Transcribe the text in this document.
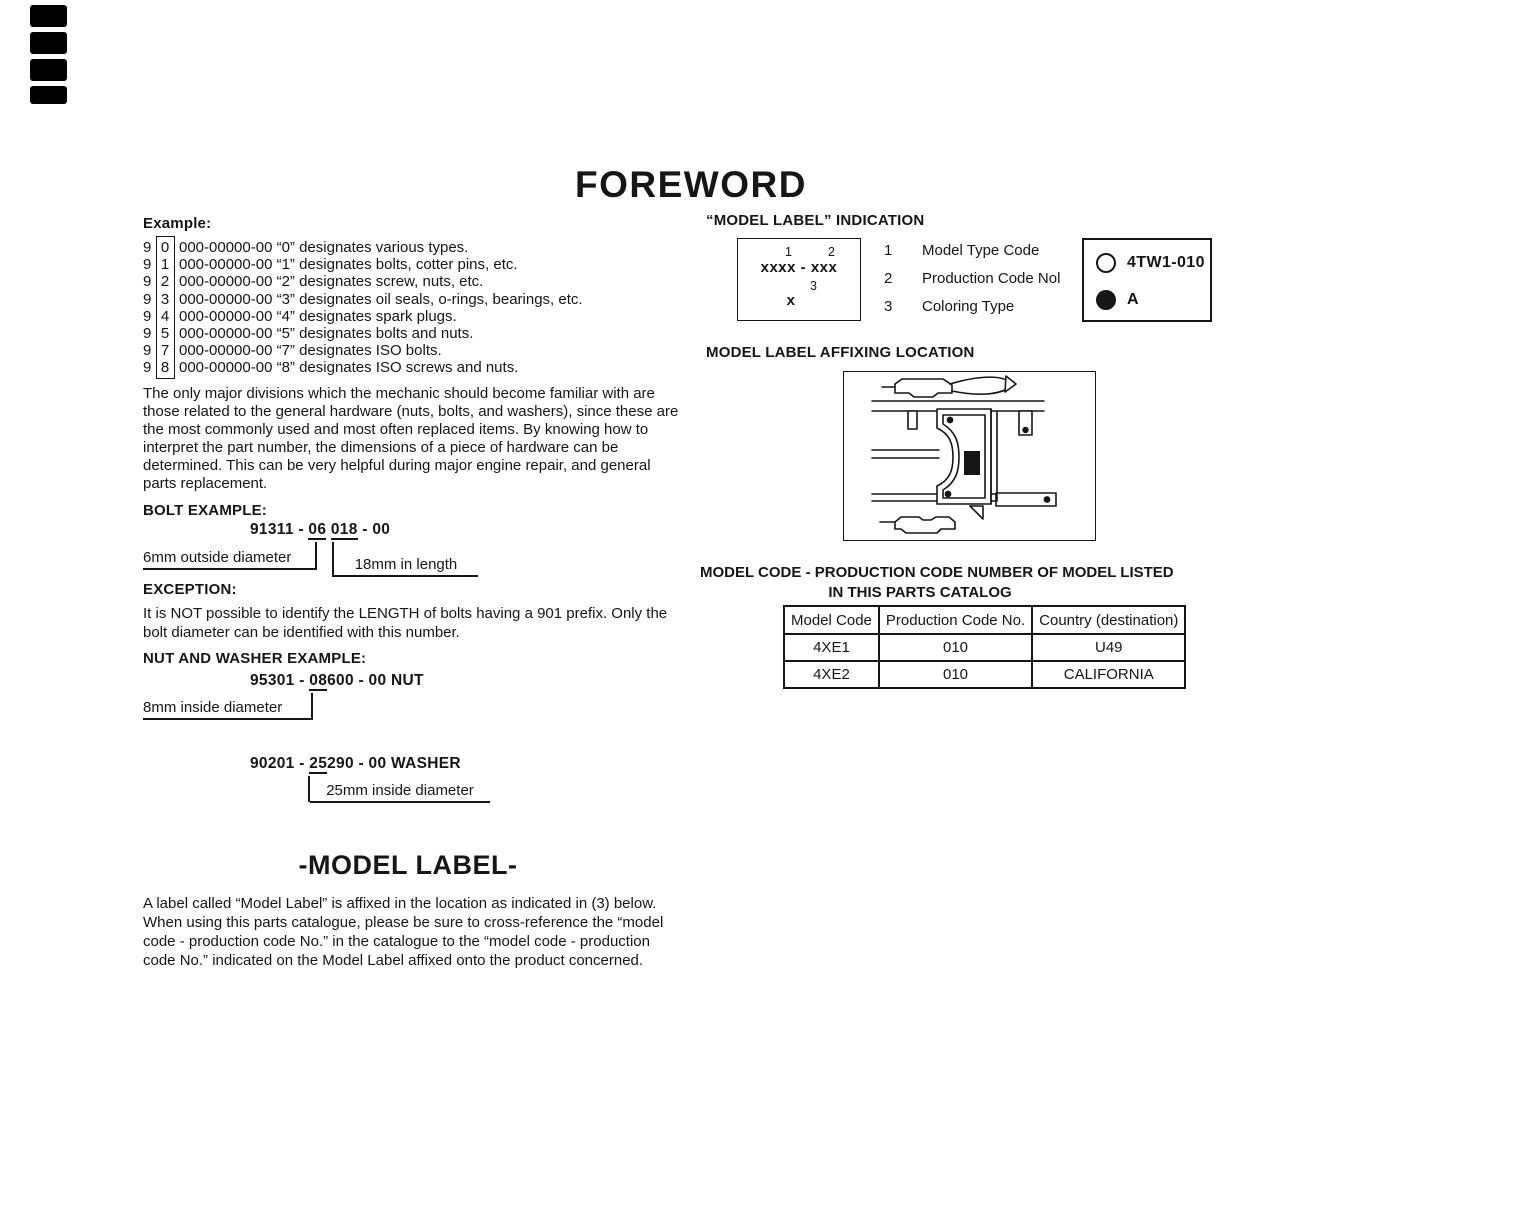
FOREWORD
Example:
9 0 000-00000-00 “0” designates various types.
9 1 000-00000-00 “1” designates bolts, cotter pins, etc.
9 2 000-00000-00 “2” designates screw, nuts, etc.
9 3 000-00000-00 “3” designates oil seals, o-rings, bearings, etc.
9 4 000-00000-00 “4” designates spark plugs.
9 5 000-00000-00 “5” designates bolts and nuts.
9 7 000-00000-00 “7” designates ISO bolts.
9 8 000-00000-00 “8” designates ISO screws and nuts.
The only major divisions which the mechanic should become familiar with are
those related to the general hardware (nuts, bolts, and washers), since these are
the most commonly used and most often replaced items. By knowing how to
interpret the part number, the dimensions of a piece of hardware can be
determined. This can be very helpful during major engine repair, and general
parts replacement.
BOLT EXAMPLE:
91311 - 06 018 - 00
6mm outside diameter	18mm in length
EXCEPTION:
It is NOT possible to identify the LENGTH of bolts having a 901 prefix. Only the
bolt diameter can be identified with this number.
NUT AND WASHER EXAMPLE:
95301 - 08600 - 00 NUT
8mm inside diameter
90201 - 25290 - 00 WASHER
25mm inside diameter
-MODEL LABEL-
A label called “Model Label” is affixed in the location as indicated in (3) below.
When using this parts catalogue, please be sure to cross-reference the “model
code - production code No.” in the catalogue to the “model code - production
code No.” indicated on the Model Label affixed onto the product concerned.
“MODEL LABEL” INDICATION
1	2
xxxx - xxx
3
x
1 Model Type Code
2 Production Code Nol
3 Coloring Type
4TW1-010
A
MODEL LABEL AFFIXING LOCATION
MODEL CODE - PRODUCTION CODE NUMBER OF MODEL LISTED
IN THIS PARTS CATALOG
Model Code	Production Code No.	Country (destination)
4XE1	010	U49
4XE2	010	CALIFORNIA
